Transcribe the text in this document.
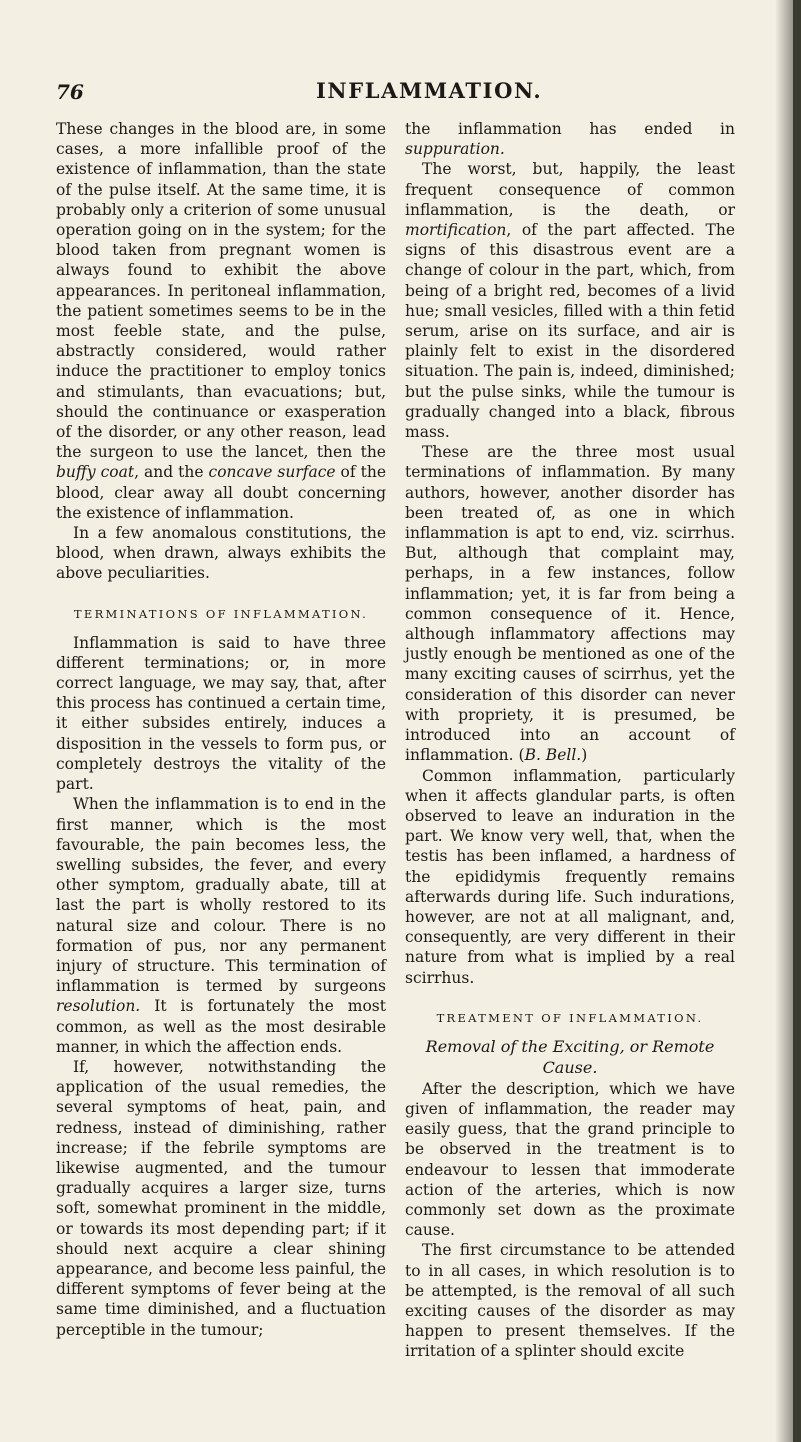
76	INFLAMMATION.

These changes in the blood are, in some cases, a more infallible proof of the existence of inflammation, than the state of the pulse itself. At the same time, it is probably only a criterion of some unusual operation going on in the system; for the blood taken from pregnant women is always found to exhibit the above appearances. In peritoneal inflammation, the patient sometimes seems to be in the most feeble state, and the pulse, abstractly considered, would rather induce the practitioner to employ tonics and stimulants, than evacuations; but, should the continuance or exasperation of the disorder, or any other reason, lead the surgeon to use the lancet, then the buffy coat, and the concave surface of the blood, clear away all doubt concerning the existence of inflammation.

In a few anomalous constitutions, the blood, when drawn, always exhibits the above peculiarities.

TERMINATIONS OF INFLAMMATION.

Inflammation is said to have three different terminations; or, in more correct language, we may say, that, after this process has continued a certain time, it either subsides entirely, induces a disposition in the vessels to form pus, or completely destroys the vitality of the part.

When the inflammation is to end in the first manner, which is the most favourable, the pain becomes less, the swelling subsides, the fever, and every other symptom, gradually abate, till at last the part is wholly restored to its natural size and colour. There is no formation of pus, nor any permanent injury of structure. This termination of inflammation is termed by surgeons resolution. It is fortunately the most common, as well as the most desirable manner, in which the affection ends.

If, however, notwithstanding the application of the usual remedies, the several symptoms of heat, pain, and redness, instead of diminishing, rather increase; if the febrile symptoms are likewise augmented, and the tumour gradually acquires a larger size, turns soft, somewhat prominent in the middle, or towards its most depending part; if it should next acquire a clear shining appearance, and become less painful, the different symptoms of fever being at the same time diminished, and a fluctuation perceptible in the tumour;

the inflammation has ended in suppuration.

The worst, but, happily, the least frequent consequence of common inflammation, is the death, or mortification, of the part affected. The signs of this disastrous event are a change of colour in the part, which, from being of a bright red, becomes of a livid hue; small vesicles, filled with a thin fetid serum, arise on its surface, and air is plainly felt to exist in the disordered situation. The pain is, indeed, diminished; but the pulse sinks, while the tumour is gradually changed into a black, fibrous mass.

These are the three most usual terminations of inflammation. By many authors, however, another disorder has been treated of, as one in which inflammation is apt to end, viz. scirrhus. But, although that complaint may, perhaps, in a few instances, follow inflammation; yet, it is far from being a common consequence of it. Hence, although inflammatory affections may justly enough be mentioned as one of the many exciting causes of scirrhus, yet the consideration of this disorder can never with propriety, it is presumed, be introduced into an account of inflammation. (B. Bell.)

Common inflammation, particularly when it affects glandular parts, is often observed to leave an induration in the part. We know very well, that, when the testis has been inflamed, a hardness of the epididymis frequently remains afterwards during life. Such indurations, however, are not at all malignant, and, consequently, are very different in their nature from what is implied by a real scirrhus.

TREATMENT OF INFLAMMATION.
Removal of the Exciting, or Remote
Cause.

After the description, which we have given of inflammation, the reader may easily guess, that the grand principle to be observed in the treatment is to endeavour to lessen that immoderate action of the arteries, which is now commonly set down as the proximate cause.

The first circumstance to be attended to in all cases, in which resolution is to be attempted, is the removal of all such exciting causes of the disorder as may happen to present themselves. If the irritation of a splinter should excite
